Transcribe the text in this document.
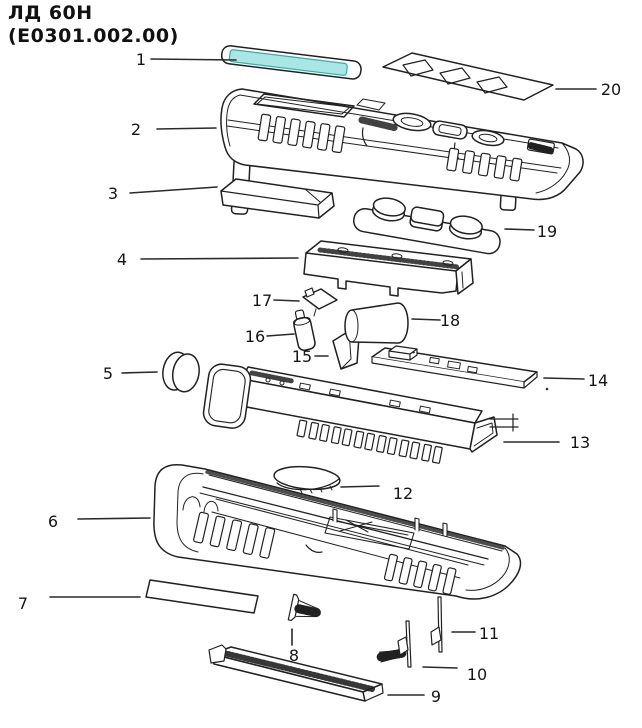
ЛД 60Н
(E0301.002.00)
1
2
3
4
5
6
7
8
9
10
11
12
13
14
15
16
17
18
19
20
